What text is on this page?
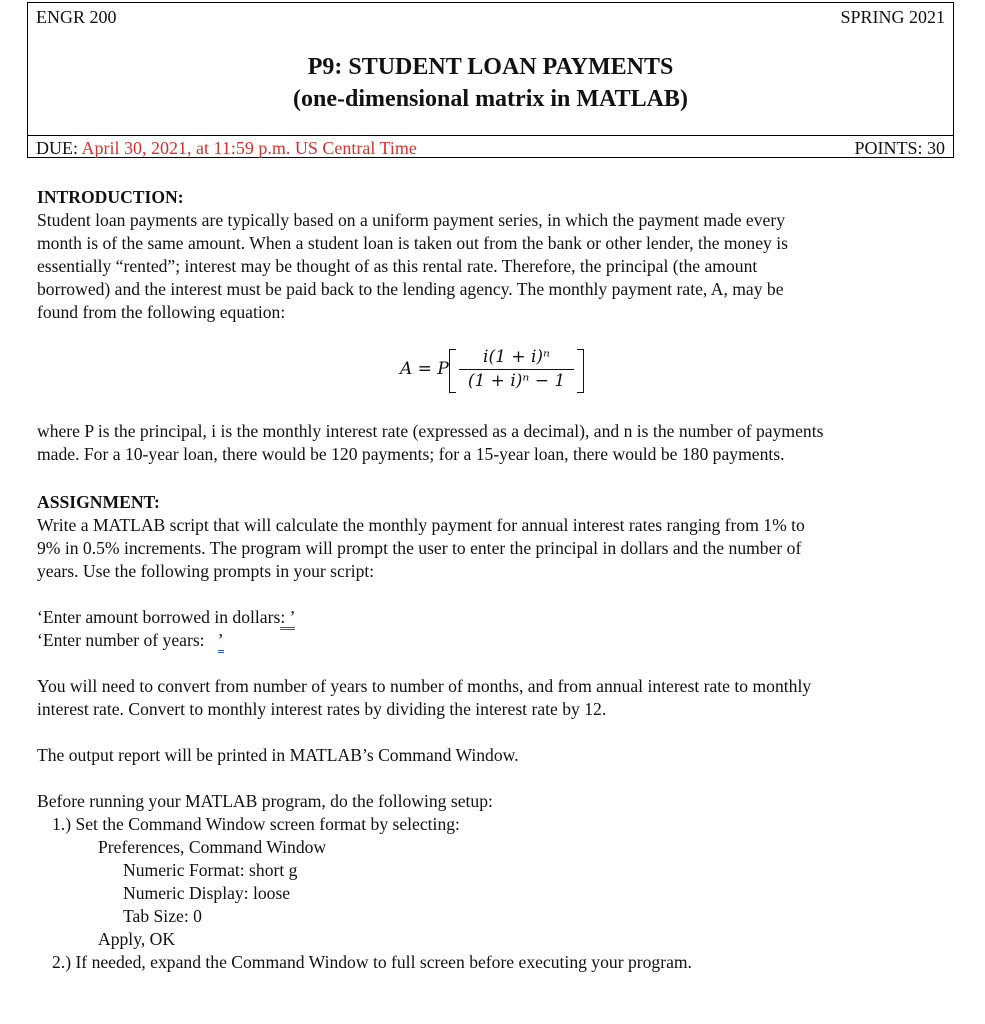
ENGR 200	SPRING 2021
P9: STUDENT LOAN PAYMENTS
(one-dimensional matrix in MATLAB)
DUE: April 30, 2021, at 11:59 p.m. US Central Time	POINTS: 30

INTRODUCTION:

Student loan payments are typically based on a uniform payment series, in which the payment made every

month is of the same amount. When a student loan is taken out from the bank or other lender, the money is

essentially “rented”; interest may be thought of as this rental rate. Therefore, the principal (the amount

borrowed) and the interest must be paid back to the lending agency. The monthly payment rate, A, may be

found from the following equation:

A = P
i(1 + i)ⁿ
(1 + i)ⁿ − 1

where P is the principal, i is the monthly interest rate (expressed as a decimal), and n is the number of payments

made. For a 10-year loan, there would be 120 payments; for a 15-year loan, there would be 180 payments.

ASSIGNMENT:

Write a MATLAB script that will calculate the monthly payment for annual interest rates ranging from 1% to

9% in 0.5% increments. The program will prompt the user to enter the principal in dollars and the number of

years. Use the following prompts in your script:

‘Enter amount borrowed in dollars: ’

‘Enter number of years:   ’

You will need to convert from number of years to number of months, and from annual interest rate to monthly

interest rate. Convert to monthly interest rates by dividing the interest rate by 12.

The output report will be printed in MATLAB’s Command Window.

Before running your MATLAB program, do the following setup:

1.) Set the Command Window screen format by selecting:

Preferences, Command Window

Numeric Format: short g

Numeric Display: loose

Tab Size: 0

Apply, OK

2.) If needed, expand the Command Window to full screen before executing your program.
